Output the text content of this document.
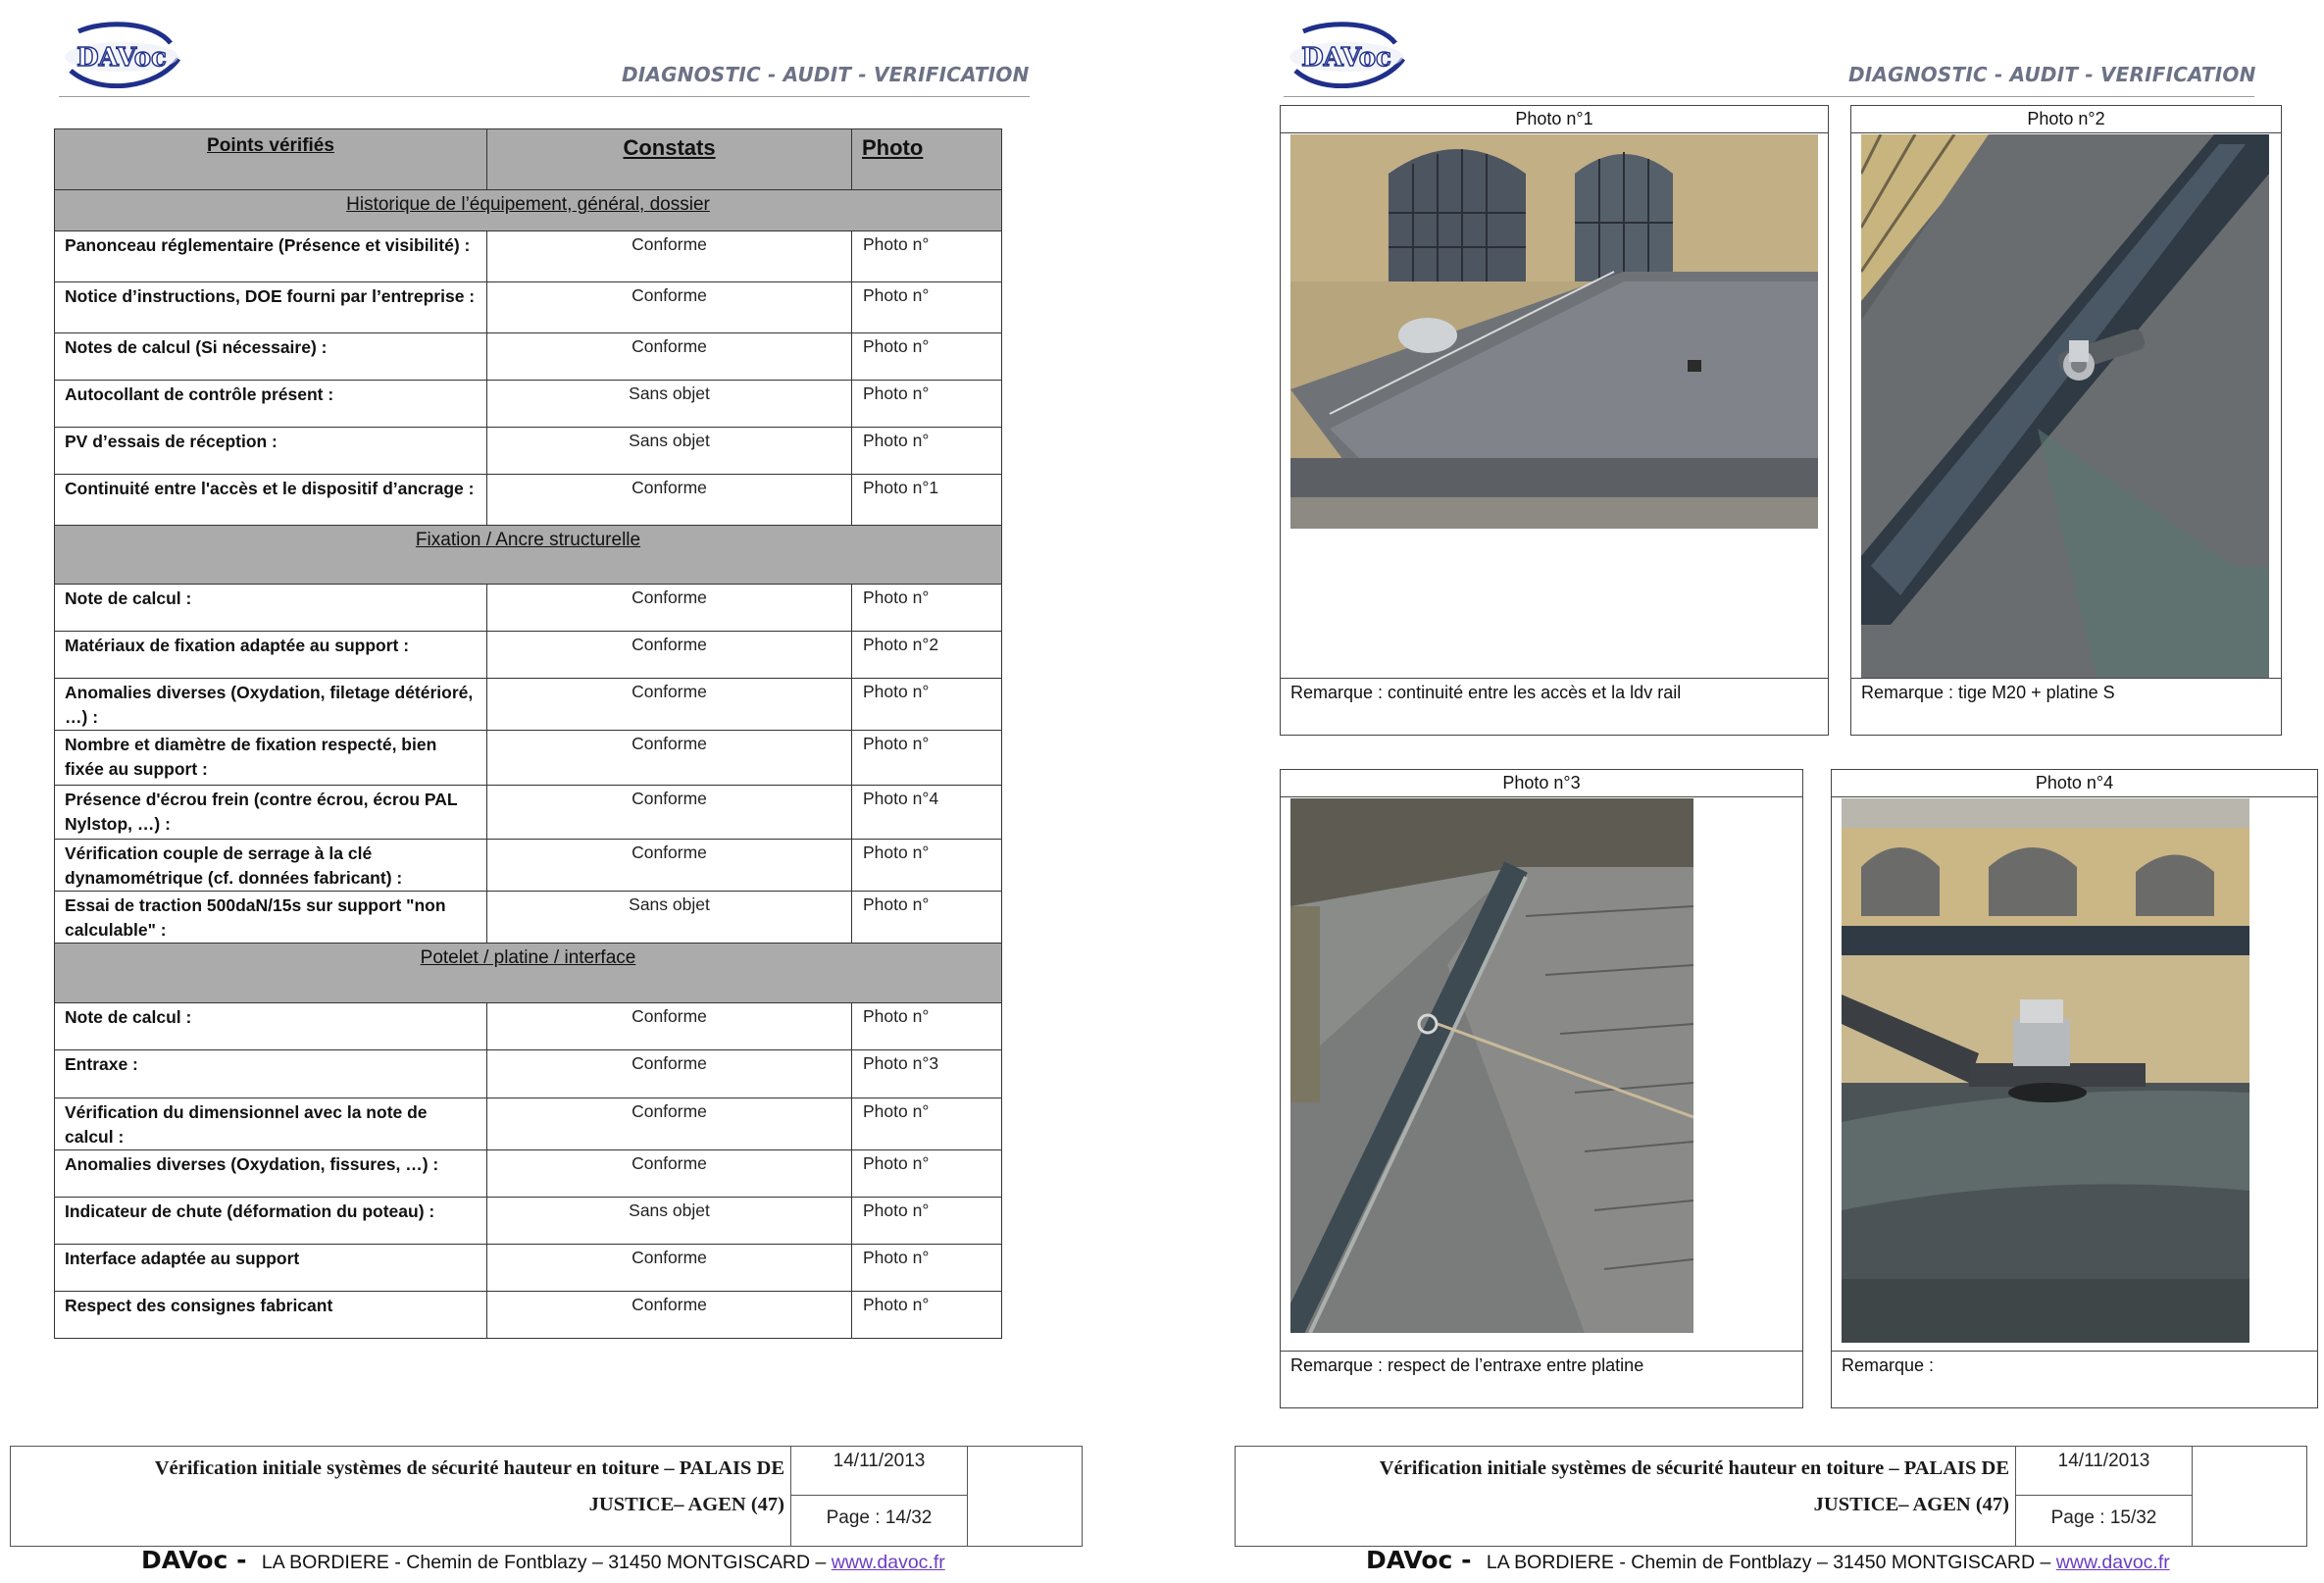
DAVoc
DIAGNOSTIC - AUDIT - VERIFICATION
Points vérifiés	Constats	Photo
Historique de l’équipement, général, dossier		
Panonceau réglementaire (Présence et visibilité) :	Conforme	Photo n°
Notice d’instructions, DOE fourni par l’entreprise :	Conforme	Photo n°
Notes de calcul (Si nécessaire) :	Conforme	Photo n°
Autocollant de contrôle présent :	Sans objet	Photo n°
PV d’essais de réception :	Sans objet	Photo n°
Continuité entre l'accès et le dispositif d’ancrage :	Conforme	Photo n°1
Fixation / Ancre structurelle		
Note de calcul :	Conforme	Photo n°
Matériaux de fixation adaptée au support :	Conforme	Photo n°2
Anomalies diverses (Oxydation, filetage détérioré, …) :	Conforme	Photo n°
Nombre et diamètre de fixation respecté, bien fixée au support :	Conforme	Photo n°
Présence d'écrou frein (contre écrou, écrou PAL Nylstop, …) :	Conforme	Photo n°4
Vérification couple de serrage à la clé dynamométrique (cf. données fabricant) :	Conforme	Photo n°
Essai de traction 500daN/15s sur support "non calculable" :	Sans objet	Photo n°
Potelet / platine / interface		
Note de calcul :	Conforme	Photo n°
Entraxe :	Conforme	Photo n°3
Vérification du dimensionnel avec la note de calcul :	Conforme	Photo n°
Anomalies diverses (Oxydation, fissures, …) :	Conforme	Photo n°
Indicateur de chute (déformation du poteau) :	Sans objet	Photo n°
Interface adaptée au support	Conforme	Photo n°
Respect des consignes fabricant	Conforme	Photo n°
Vérification initiale systèmes de sécurité hauteur en toiture – PALAIS DE
JUSTICE– AGEN (47)
14/11/2013
Page : 14/32
DAVoc - LA BORDIERE - Chemin de Fontblazy – 31450 MONTGISCARD – www.davoc.fr
DAVoc
DIAGNOSTIC - AUDIT - VERIFICATION
Photo n°1
Remarque : continuité entre les accès et la ldv rail
Photo n°2
Remarque : tige M20 + platine S
Photo n°3
Remarque : respect de l’entraxe entre platine
Photo n°4
Remarque :
Vérification initiale systèmes de sécurité hauteur en toiture – PALAIS DE
JUSTICE– AGEN (47)
14/11/2013
Page : 15/32
DAVoc - LA BORDIERE - Chemin de Fontblazy – 31450 MONTGISCARD – www.davoc.fr
